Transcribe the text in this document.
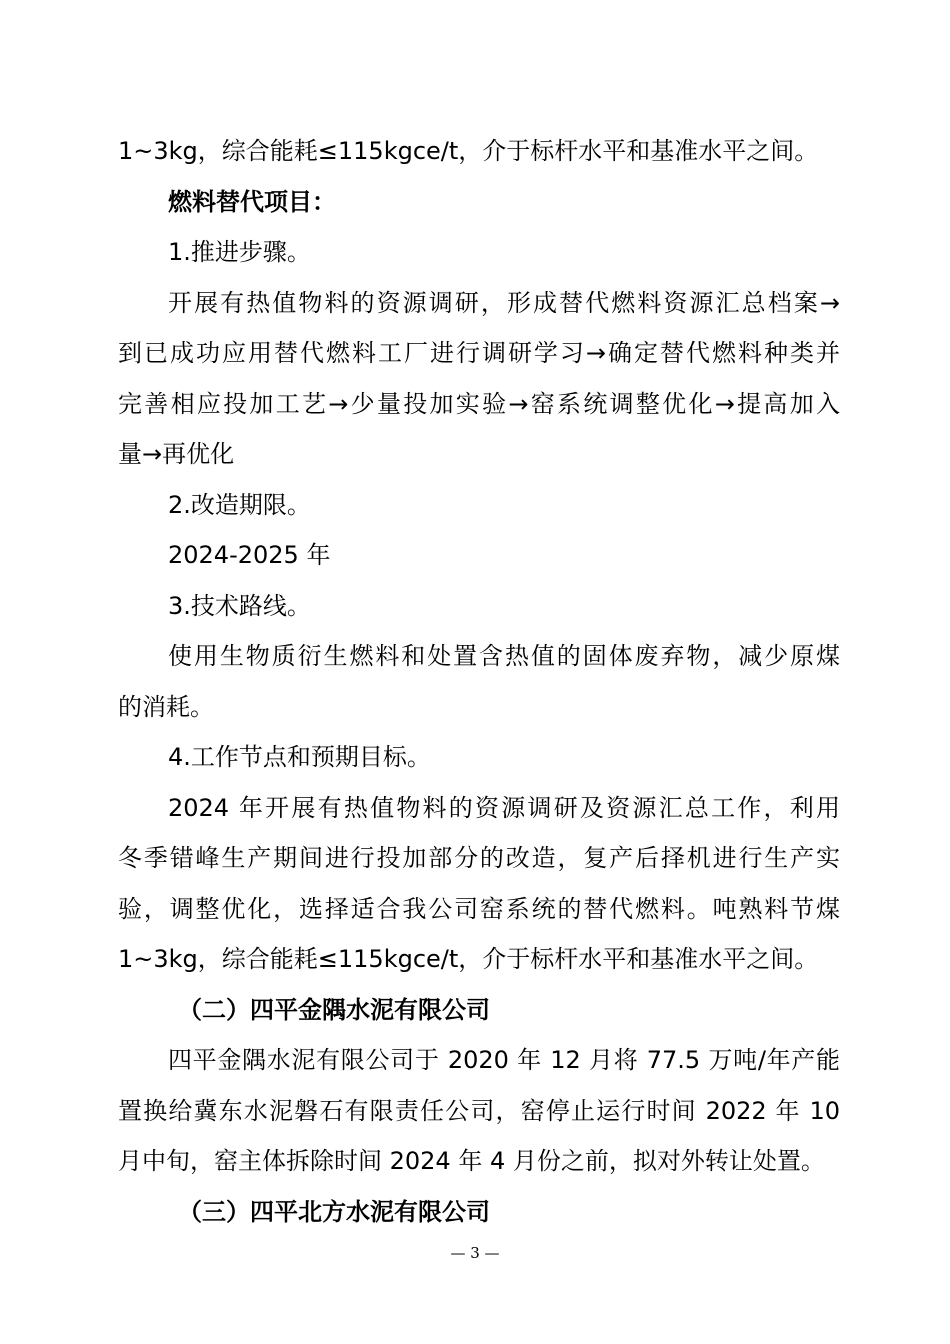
1~3kg，综合能耗≤115kgce/t，介于标杆水平和基准水平之间。
燃料替代项目：
1.推进步骤。
开展有热值物料的资源调研，形成替代燃料资源汇总档案→
到已成功应用替代燃料工厂进行调研学习→确定替代燃料种类并
完善相应投加工艺→少量投加实验→窑系统调整优化→提高加入
量→再优化
2.改造期限。
2024-2025 年
3.技术路线。
使用生物质衍生燃料和处置含热值的固体废弃物，减少原煤
的消耗。
4.工作节点和预期目标。
2024 年开展有热值物料的资源调研及资源汇总工作，利用
冬季错峰生产期间进行投加部分的改造，复产后择机进行生产实
验，调整优化，选择适合我公司窑系统的替代燃料。吨熟料节煤
1~3kg，综合能耗≤115kgce/t，介于标杆水平和基准水平之间。
（二）四平金隅水泥有限公司
四平金隅水泥有限公司于 2020 年 12 月将 77.5 万吨/年产能
置换给冀东水泥磐石有限责任公司，窑停止运行时间 2022 年 10
月中旬，窑主体拆除时间 2024 年 4 月份之前，拟对外转让处置。
（三）四平北方水泥有限公司
— 3 —
